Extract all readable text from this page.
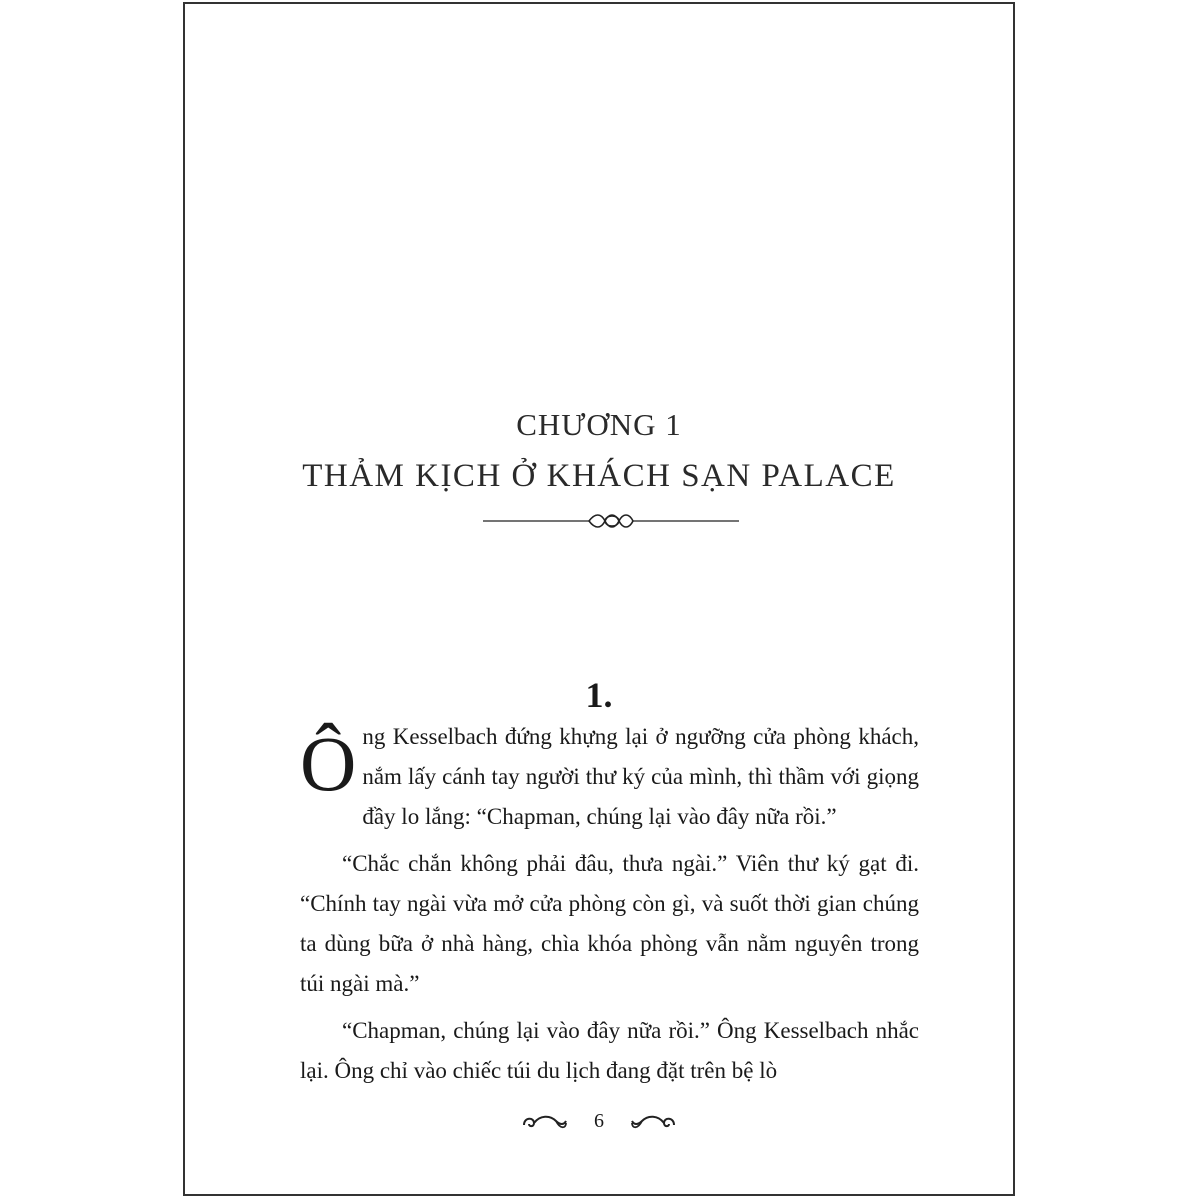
CHƯƠNG 1
THẢM KỊCH Ở KHÁCH SẠN PALACE
1.

Ông Kesselbach đứng khựng lại ở ngưỡng cửa phòng khách, nắm lấy cánh tay người thư ký của mình, thì thầm với giọng đầy lo lắng: “Chapman, chúng lại vào đây nữa rồi.”

“Chắc chắn không phải đâu, thưa ngài.” Viên thư ký gạt đi. “Chính tay ngài vừa mở cửa phòng còn gì, và suốt thời gian chúng ta dùng bữa ở nhà hàng, chìa khóa phòng vẫn nằm nguyên trong túi ngài mà.”

“Chapman, chúng lại vào đây nữa rồi.” Ông Kesselbach nhắc lại. Ông chỉ vào chiếc túi du lịch đang đặt trên bệ lò

6
